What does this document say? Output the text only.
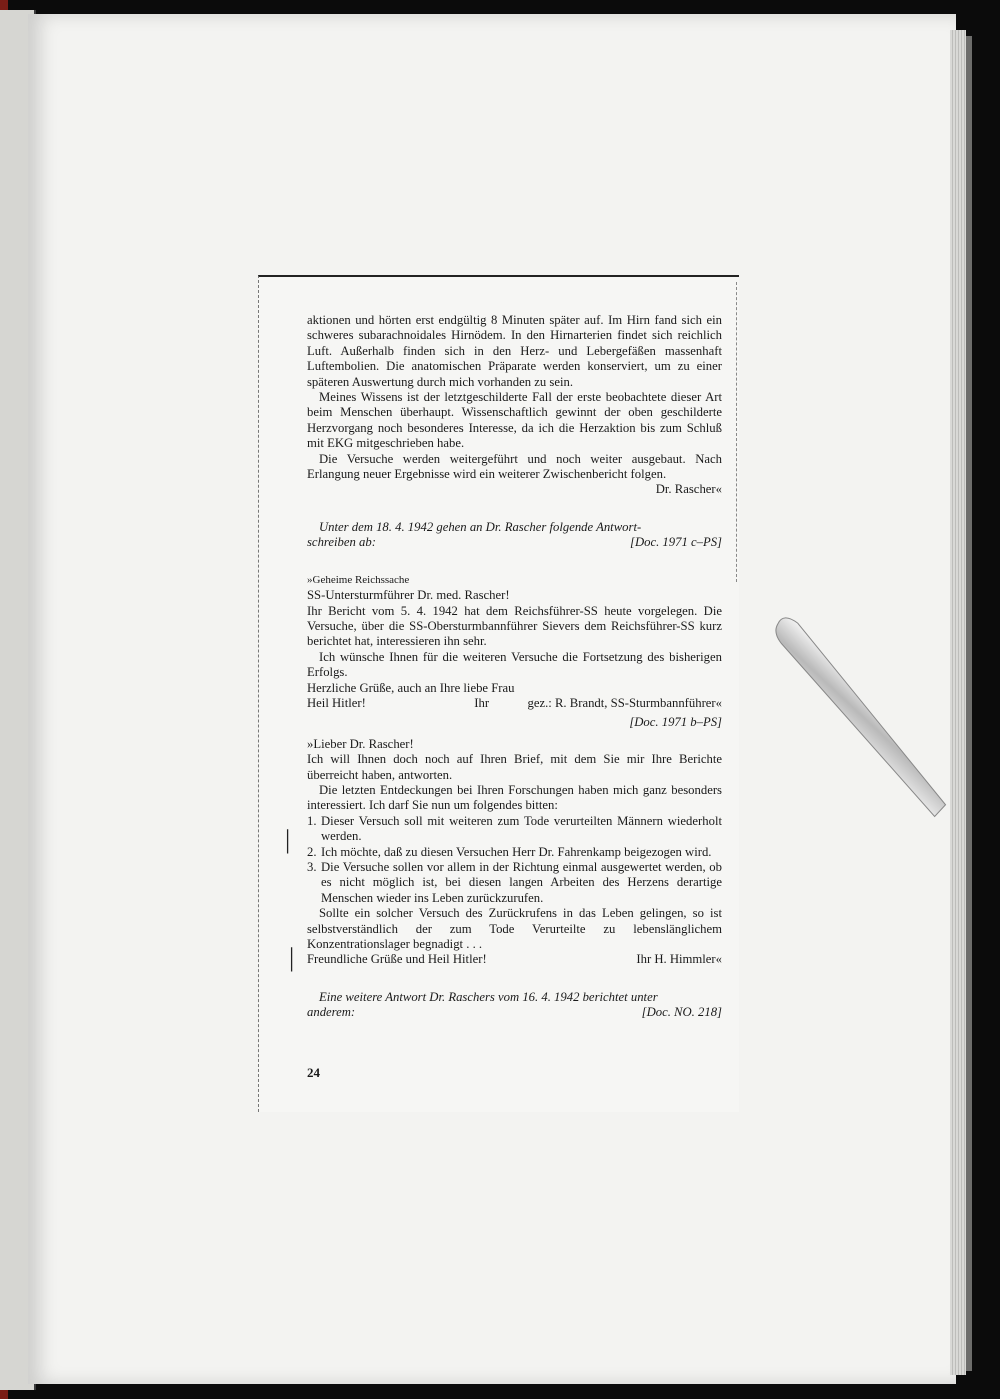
aktionen und hörten erst endgültig 8 Minuten später auf. Im Hirn fand sich ein schweres subarachnoidales Hirnödem. In den Hirnarterien findet sich reichlich Luft. Außerhalb finden sich in den Herz- und Lebergefäßen massenhaft Luftembolien. Die anatomischen Präparate werden konserviert, um zu einer späteren Auswertung durch mich vorhanden zu sein.

Meines Wissens ist der letztgeschilderte Fall der erste beobachtete dieser Art beim Menschen überhaupt. Wissenschaftlich gewinnt der oben geschilderte Herzvorgang noch besonderes Interesse, da ich die Herzaktion bis zum Schluß mit EKG mitgeschrieben habe.

Die Versuche werden weitergeführt und noch weiter ausgebaut. Nach Erlangung neuer Ergebnisse wird ein weiterer Zwischenbericht folgen.

Dr. Rascher«

Unter dem 18. 4. 1942 gehen an Dr. Rascher folgende Antwort-

schreiben ab:	[Doc. 1971 c–PS]
»Geheime Reichssache

SS-Untersturmführer Dr. med. Rascher!

Ihr Bericht vom 5. 4. 1942 hat dem Reichsführer-SS heute vorgelegen. Die Versuche, über die SS-Obersturmbannführer Sievers dem Reichsführer-SS kurz berichtet hat, interessieren ihn sehr.

Ich wünsche Ihnen für die weiteren Versuche die Fortsetzung des bisherigen Erfolgs.

Herzliche Grüße, auch an Ihre liebe Frau

Heil Hitler!	Ihr	gez.: R. Brandt, SS-Sturmbannführer«
[Doc. 1971 b–PS]

»Lieber Dr. Rascher!

Ich will Ihnen doch noch auf Ihren Brief, mit dem Sie mir Ihre Berichte überreicht haben, antworten.

Die letzten Entdeckungen bei Ihren Forschungen haben mich ganz besonders interessiert. Ich darf Sie nun um folgendes bitten:

1. Dieser Versuch soll mit weiteren zum Tode verurteilten Männern wiederholt werden.
2. Ich möchte, daß zu diesen Versuchen Herr Dr. Fahrenkamp beigezogen wird.
3. Die Versuche sollen vor allem in der Richtung einmal ausgewertet werden, ob es nicht möglich ist, bei diesen langen Arbeiten des Herzens derartige Menschen wieder ins Leben zurückzurufen.

Sollte ein solcher Versuch des Zurückrufens in das Leben gelingen, so ist selbstverständlich der zum Tode Verurteilte zu lebenslänglichem Konzentrationslager begnadigt . . .

Freundliche Grüße und Heil Hitler!	Ihr H. Himmler«

Eine weitere Antwort Dr. Raschers vom 16. 4. 1942 berichtet unter

anderem:	[Doc. NO. 218]
24
|
|
